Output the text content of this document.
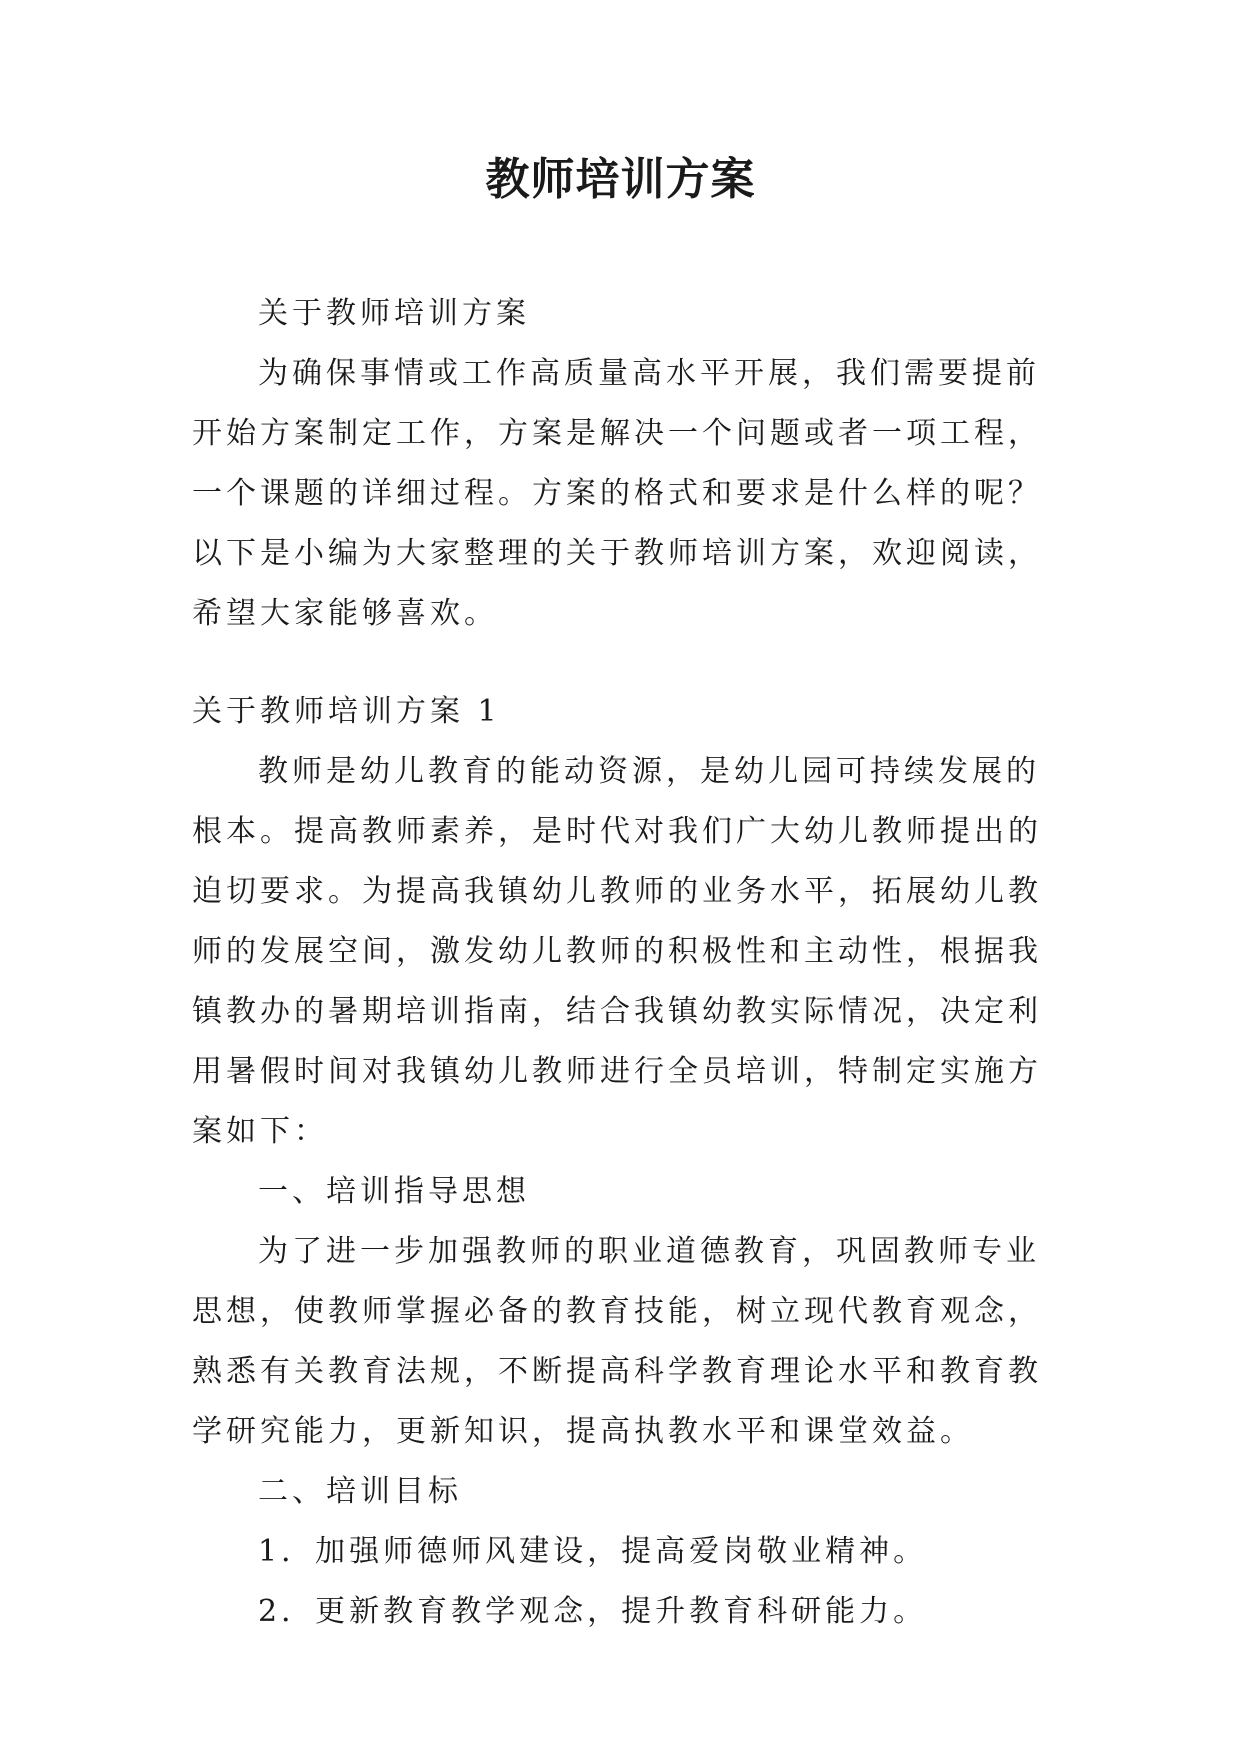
教师培训方案

关于教师培训方案

为确保事情或工作高质量高水平开展，我们需要提前开始方案制定工作，方案是解决一个问题或者一项工程，一个课题的详细过程。方案的格式和要求是什么样的呢？以下是小编为大家整理的关于教师培训方案，欢迎阅读，希望大家能够喜欢。

关于教师培训方案 1

教师是幼儿教育的能动资源，是幼儿园可持续发展的根本。提高教师素养，是时代对我们广大幼儿教师提出的迫切要求。为提高我镇幼儿教师的业务水平，拓展幼儿教师的发展空间，激发幼儿教师的积极性和主动性，根据我镇教办的暑期培训指南，结合我镇幼教实际情况，决定利用暑假时间对我镇幼儿教师进行全员培训，特制定实施方案如下：

一、培训指导思想

为了进一步加强教师的职业道德教育，巩固教师专业思想，使教师掌握必备的教育技能，树立现代教育观念，熟悉有关教育法规，不断提高科学教育理论水平和教育教学研究能力，更新知识，提高执教水平和课堂效益。

二、培训目标

1．加强师德师风建设，提高爱岗敬业精神。

2．更新教育教学观念，提升教育科研能力。
